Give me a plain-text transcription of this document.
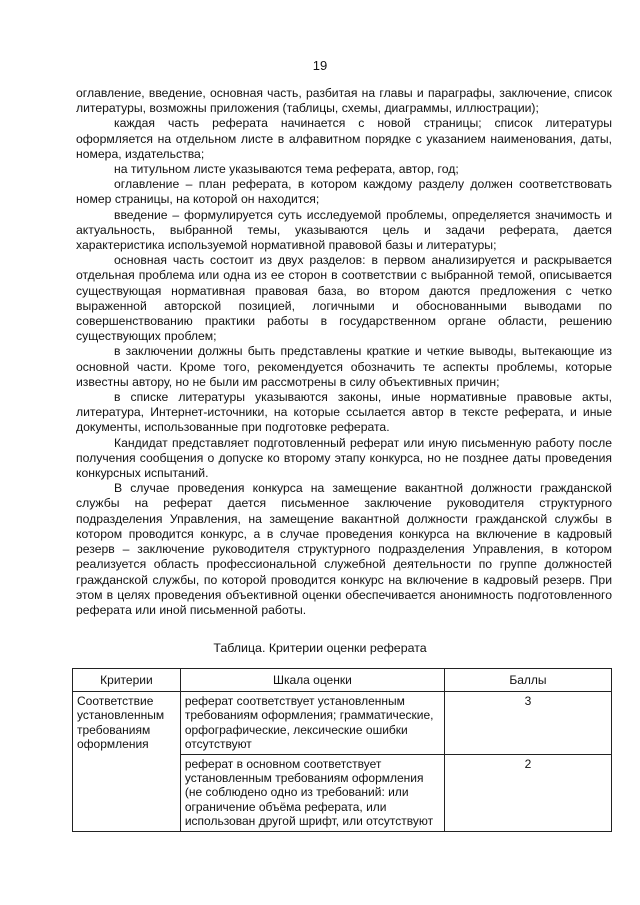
19

оглавление, введение, основная часть, разбитая на главы и параграфы, заключение, список литературы, возможны приложения (таблицы, схемы, диаграммы, иллюстрации);

каждая часть реферата начинается с новой страницы; список литературы оформляется на отдельном листе в алфавитном порядке с указанием наименования, даты, номера, издательства;

на титульном листе указываются тема реферата, автор, год;

оглавление – план реферата, в котором каждому разделу должен соответствовать номер страницы, на которой он находится;

введение – формулируется суть исследуемой проблемы, определяется значимость и актуальность, выбранной темы, указываются цель и задачи реферата, дается характеристика используемой нормативной правовой базы и литературы;

основная часть состоит из двух разделов: в первом анализируется и раскрывается отдельная проблема или одна из ее сторон в соответствии с выбранной темой, описывается существующая нормативная правовая база, во втором даются предложения с четко выраженной авторской позицией, логичными и обоснованными выводами по совершенствованию практики работы в государственном органе области, решению существующих проблем;

в заключении должны быть представлены краткие и четкие выводы, вытекающие из основной части. Кроме того, рекомендуется обозначить те аспекты проблемы, которые известны автору, но не были им рассмотрены в силу объективных причин;

в списке литературы указываются законы, иные нормативные правовые акты, литература, Интернет-источники, на которые ссылается автор в тексте реферата, и иные документы, использованные при подготовке реферата.

Кандидат представляет подготовленный реферат или иную письменную работу после получения сообщения о допуске ко второму этапу конкурса, но не позднее даты проведения конкурсных испытаний.

В случае проведения конкурса на замещение вакантной должности гражданской службы на реферат дается письменное заключение руководителя структурного подразделения Управления, на замещение вакантной должности гражданской службы в котором проводится конкурс, а в случае проведения конкурса на включение в кадровый резерв – заключение руководителя структурного подразделения Управления, в котором реализуется область профессиональной служебной деятельности по группе должностей гражданской службы, по которой проводится конкурс на включение в кадровый резерв. При этом в целях проведения объективной оценки обеспечивается анонимность подготовленного реферата или иной письменной работы.

Таблица. Критерии оценки реферата
Критерии	Шкала оценки	Баллы
Соответствие установленным требованиям оформления	реферат соответствует установленным требованиям оформления; грамматические, орфографические, лексические ошибки отсутствуют	3
	реферат в основном соответствует установленным требованиям оформления (не соблюдено одно из требований: или ограничение объёма реферата, или использован другой шрифт, или отсутствуют	2
